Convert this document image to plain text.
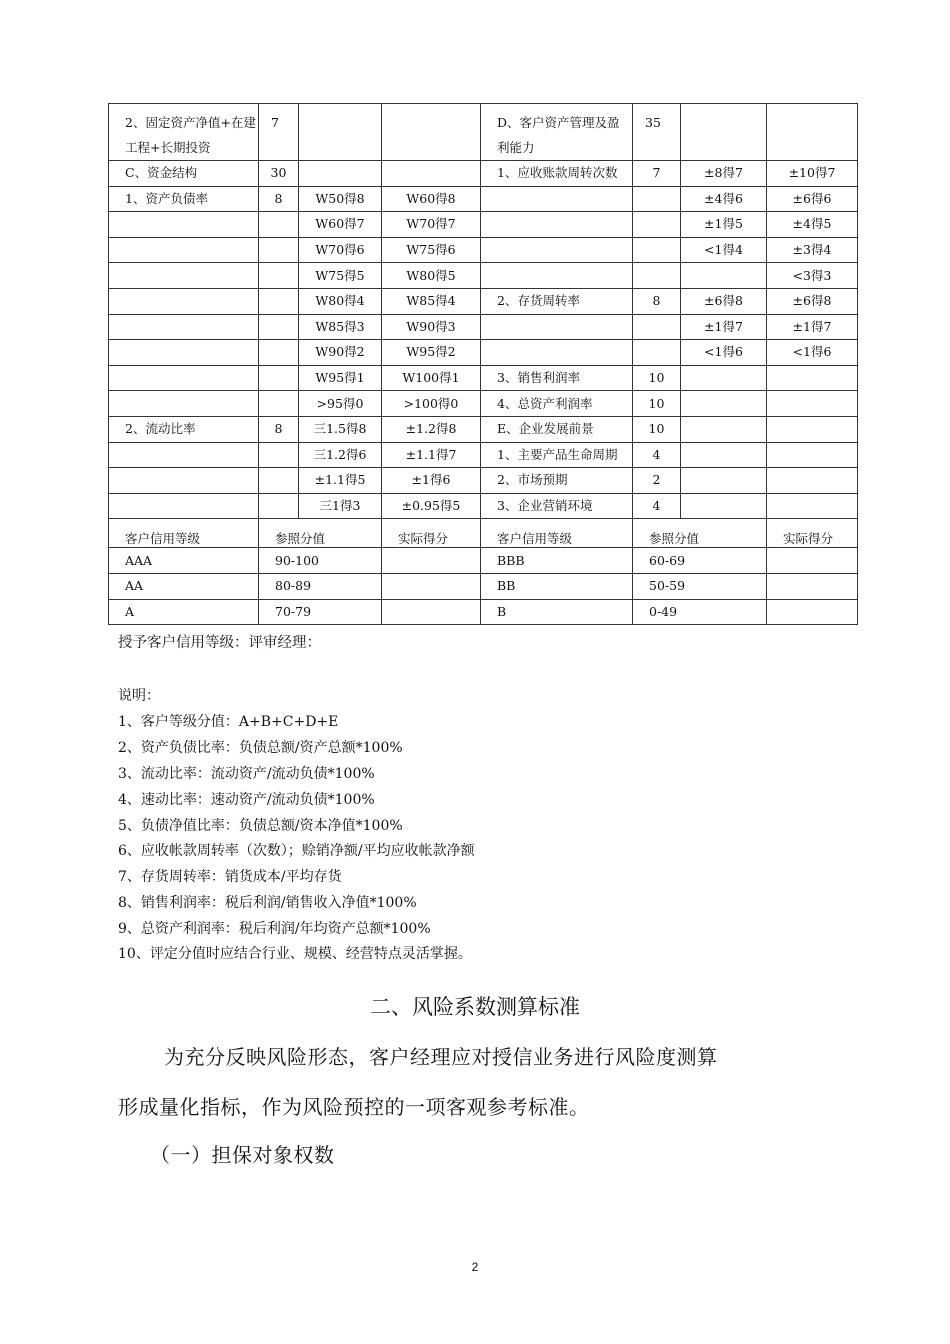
2、固定资产净值+在建工程+长期投资	7			D、客户资产管理及盈利能力	35		
C、资金结构	30			1、应收账款周转次数	7	±8得7	±10得7
1、资产负债率	8	W50得8	W60得8			±4得6	±6得6
		W60得7	W70得7			±1得5	±4得5
		W70得6	W75得6			<1得4	±3得4
		W75得5	W80得5				<3得3
		W80得4	W85得4	2、存货周转率	8	±6得8	±6得8
		W85得3	W90得3			±1得7	±1得7
		W90得2	W95得2			<1得6	<1得6
		W95得1	W100得1	3、销售利润率	10		
		>95得0	>100得0	4、总资产利润率	10		
2、流动比率	8	三1.5得8	±1.2得8	E、企业发展前景	10		
		三1.2得6	±1.1得7	1、主要产品生命周期	4		
		±1.1得5	±1得6	2、市场预期	2		
		三1得3	±0.95得5	3、企业营销环境	4		
客户信用等级	参照分值		实际得分	客户信用等级	参照分值		实际得分
AAA	90-100			BBB	60-69		
AA	80-89			BB	50-59		
A	70-79			B	0-49		
授予客户信用等级：评审经理：
说明：
1、客户等级分值：A+B+C+D+E
2、资产负债比率：负债总额/资产总额*100%
3、流动比率：流动资产/流动负债*100%
4、速动比率：速动资产/流动负债*100%
5、负债净值比率：负债总额/资本净值*100%
6、应收帐款周转率（次数）；赊销净额/平均应收帐款净额
7、存货周转率：销货成本/平均存货
8、销售利润率：税后利润/销售收入净值*100%
9、总资产利润率：税后利润/年均资产总额*100%
10、评定分值时应结合行业、规模、经营特点灵活掌握。
二、风险系数测算标准
为充分反映风险形态，客户经理应对授信业务进行风险度测算
形成量化指标，作为风险预控的一项客观参考标准。
（一）担保对象权数
2
